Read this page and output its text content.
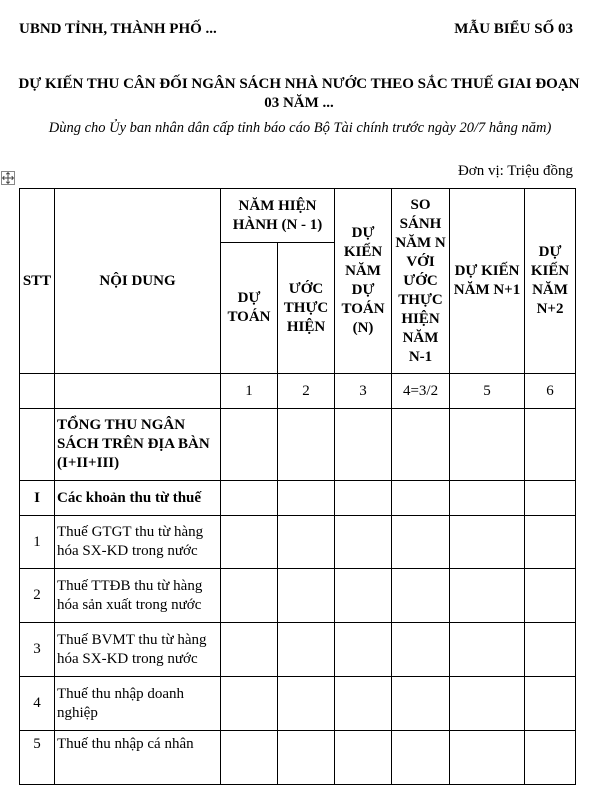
UBND TỈNH, THÀNH PHỐ ...	MẪU BIỂU SỐ 03
DỰ KIẾN THU CÂN ĐỐI NGÂN SÁCH NHÀ NƯỚC THEO SẮC THUẾ GIAI ĐOẠN 03 NĂM ...
Dùng cho Ủy ban nhân dân cấp tỉnh báo cáo Bộ Tài chính trước ngày 20/7 hằng năm)
Đơn vị: Triệu đồng
STT	NỘI DUNG	NĂM HIỆN HÀNH (N - 1)		DỰ KIẾN NĂM DỰ TOÁN (N)	SO SÁNH NĂM N VỚI ƯỚC THỰC HIỆN NĂM N-1	DỰ KIẾN NĂM N+1	DỰ KIẾN NĂM N+2
		DỰ TOÁN	ƯỚC THỰC HIỆN				
		1	2	3	4=3/2	5	6
	TỔNG THU NGÂN SÁCH TRÊN ĐỊA BÀN (I+II+III)						
I	Các khoản thu từ thuế						
1	Thuế GTGT thu từ hàng hóa SX-KD trong nước						
2	Thuế TTĐB thu từ hàng hóa sản xuất trong nước						
3	Thuế BVMT thu từ hàng hóa SX-KD trong nước						
4	Thuế thu nhập doanh nghiệp						
5	Thuế thu nhập cá nhân						
